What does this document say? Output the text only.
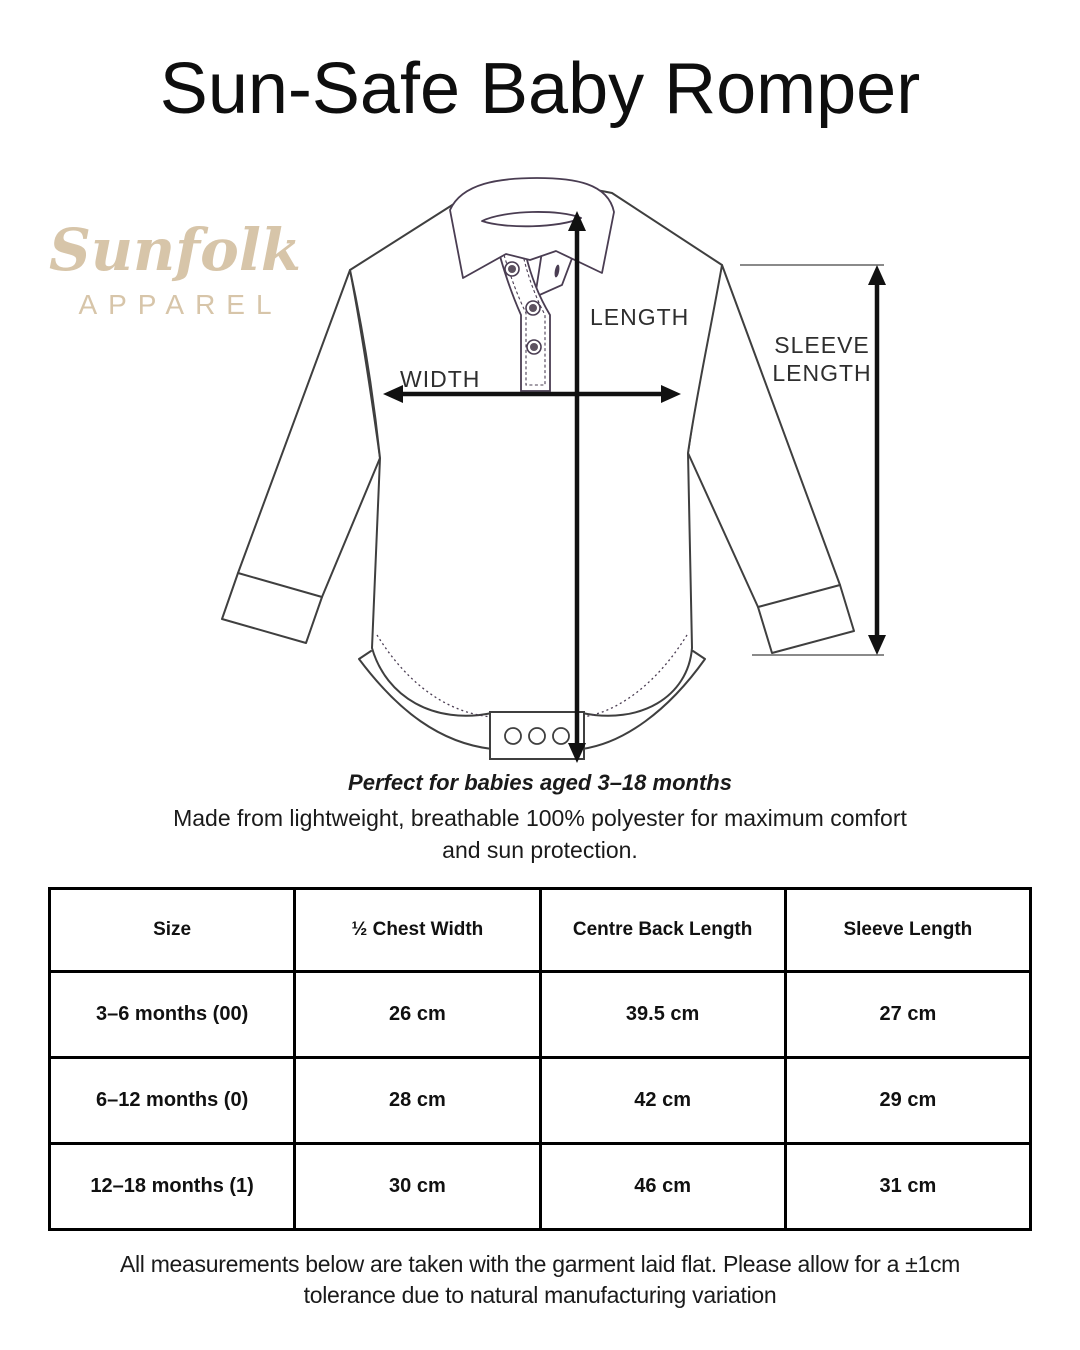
Sun-Safe Baby Romper
Sunfolk
APPAREL	LENGTH
WIDTH
SLEEVE
LENGTH

Perfect for babies aged 3–18 months

Made from lightweight, breathable 100% polyester for maximum comfort

and sun protection.

Size	½ Chest Width	Centre Back Length	Sleeve Length
3–6 months (00)	26 cm	39.5 cm	27 cm
6–12 months (0)	28 cm	42 cm	29 cm
12–18 months (1)	30 cm	46 cm	31 cm
All measurements below are taken with the garment laid flat. Please allow for a ±1cm
tolerance due to natural manufacturing variation
